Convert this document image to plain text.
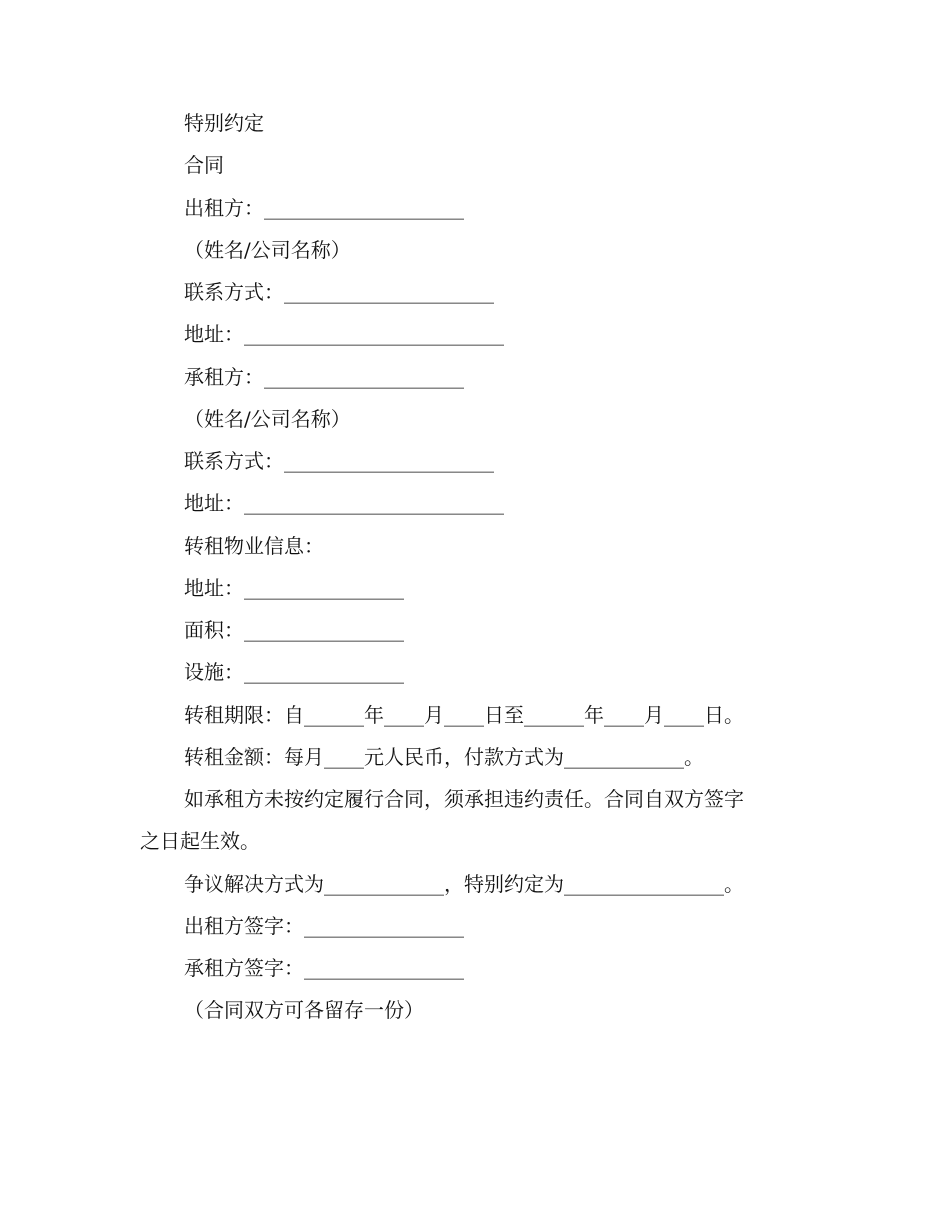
特别约定
合同
出租方：____________________
（姓名/公司名称）
联系方式：_____________________
地址：__________________________
承租方：____________________
（姓名/公司名称）
联系方式：_____________________
地址：__________________________
转租物业信息：
地址：________________
面积：________________
设施：________________
转租期限：自______年____月____日至______年____月____日。
转租金额：每月____元人民币，付款方式为____________。
如承租方未按约定履行合同，须承担违约责任。合同自双方签字
之日起生效。
争议解决方式为____________，特别约定为________________。
出租方签字：________________
承租方签字：________________
（合同双方可各留存一份）
